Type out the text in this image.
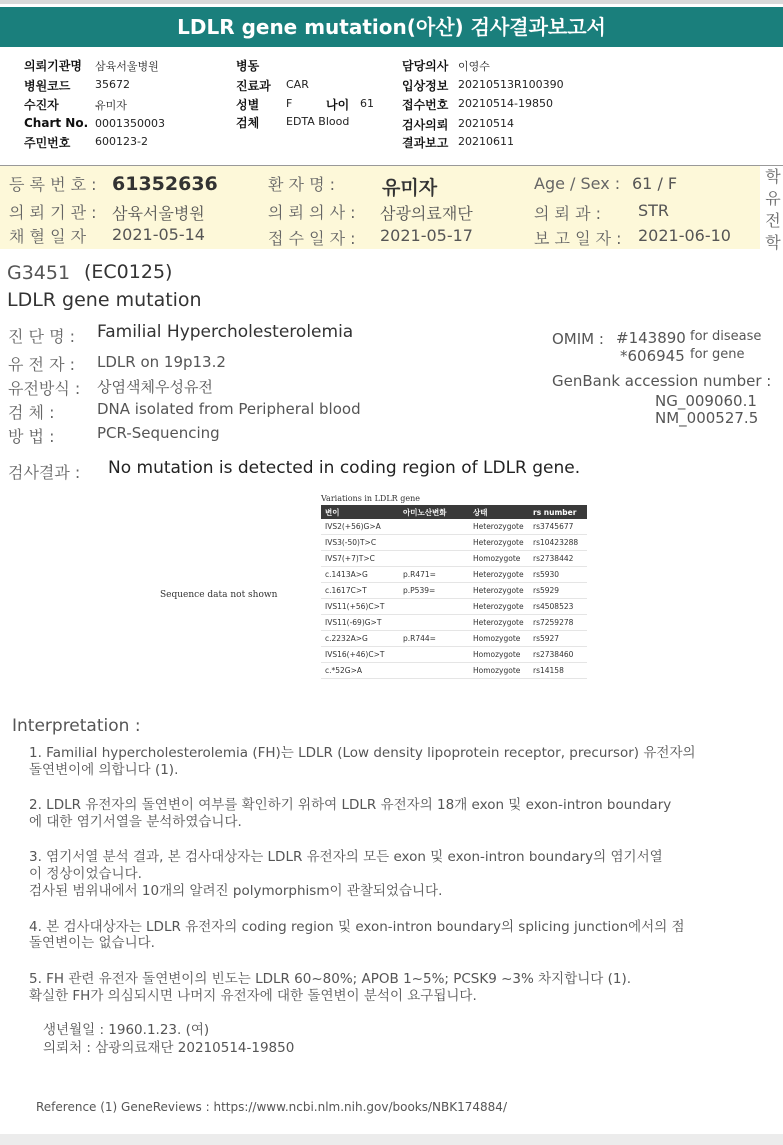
LDLR gene mutation(아산) 검사결과보고서
의뢰기관명 삼육서울병원
병원코드 35672
수진자	유미자
Chart No. 0001350003
주민번호 600123-2
병동
진료과 CAR
성별 F	나이 61
검체 EDTA Blood
담당의사 이영수
입상정보 20210513R100390
접수번호 20210514-19850
검사의뢰 20210514
결과보고 20210611
학유전학
등 록 번 호 : 61352636	환 자 명 : 유미자	Age / Sex : 61 / F
의 뢰 기 관 : 삼육서울병원	의 뢰 의 사 : 삼광의료재단	의 뢰 과 : STR
채 혈 일 자 2021-05-14	접 수 일 자 : 2021-05-17	보 고 일 자 : 2021-06-10
G3451 (EC0125)
LDLR gene mutation
진 단 명 : Familial Hypercholesterolemia
유 전 자 : LDLR on 19p13.2
유전방식 : 상염색체우성유전
검 체 :	DNA isolated from Peripheral blood
방 법 :	PCR-Sequencing
OMIM : #143890 for disease
*606945 for gene
GenBank accession number :
NG_009060.1
NM_000527.5
검사결과 : No mutation is detected in coding region of LDLR gene.
Variations in LDLR gene
Sequence data not shown
변이	아미노산변화	상태	rs number
IVS2(+56)G>A		Heterozygote	rs3745677
IVS3(-50)T>C		Heterozygote	rs10423288
IVS7(+7)T>C		Homozygote	rs2738442
c.1413A>G	p.R471=	Heterozygote	rs5930
c.1617C>T	p.P539=	Heterozygote	rs5929
IVS11(+56)C>T		Heterozygote	rs4508523
IVS11(-69)G>T		Heterozygote	rs7259278
c.2232A>G	p.R744=	Homozygote	rs5927
IVS16(+46)C>T		Homozygote	rs2738460
c.*52G>A		Homozygote	rs14158
Interpretation :
1. Familial hypercholesterolemia (FH)는 LDLR (Low density lipoprotein receptor, precursor) 유전자의
돌연변이에 의합니다 (1).
2. LDLR 유전자의 돌연변이 여부를 확인하기 위하여 LDLR 유전자의 18개 exon 및 exon-intron boundary
에 대한 염기서열을 분석하였습니다.
3. 염기서열 분석 결과, 본 검사대상자는 LDLR 유전자의 모든 exon 및 exon-intron boundary의 염기서열
이 정상이었습니다.
검사된 범위내에서 10개의 알려진 polymorphism이 관찰되었습니다.
4. 본 검사대상자는 LDLR 유전자의 coding region 및 exon-intron boundary의 splicing junction에서의 점
돌연변이는 없습니다.
5. FH 관련 유전자 돌연변이의 빈도는 LDLR 60~80%; APOB 1~5%; PCSK9 ~3% 차지합니다 (1).
확실한 FH가 의심되시면 나머지 유전자에 대한 돌연변이 분석이 요구됩니다.
생년월일 : 1960.1.23. (여)
의뢰처 : 삼광의료재단 20210514-19850
Reference (1) GeneReviews : https://www.ncbi.nlm.nih.gov/books/NBK174884/
